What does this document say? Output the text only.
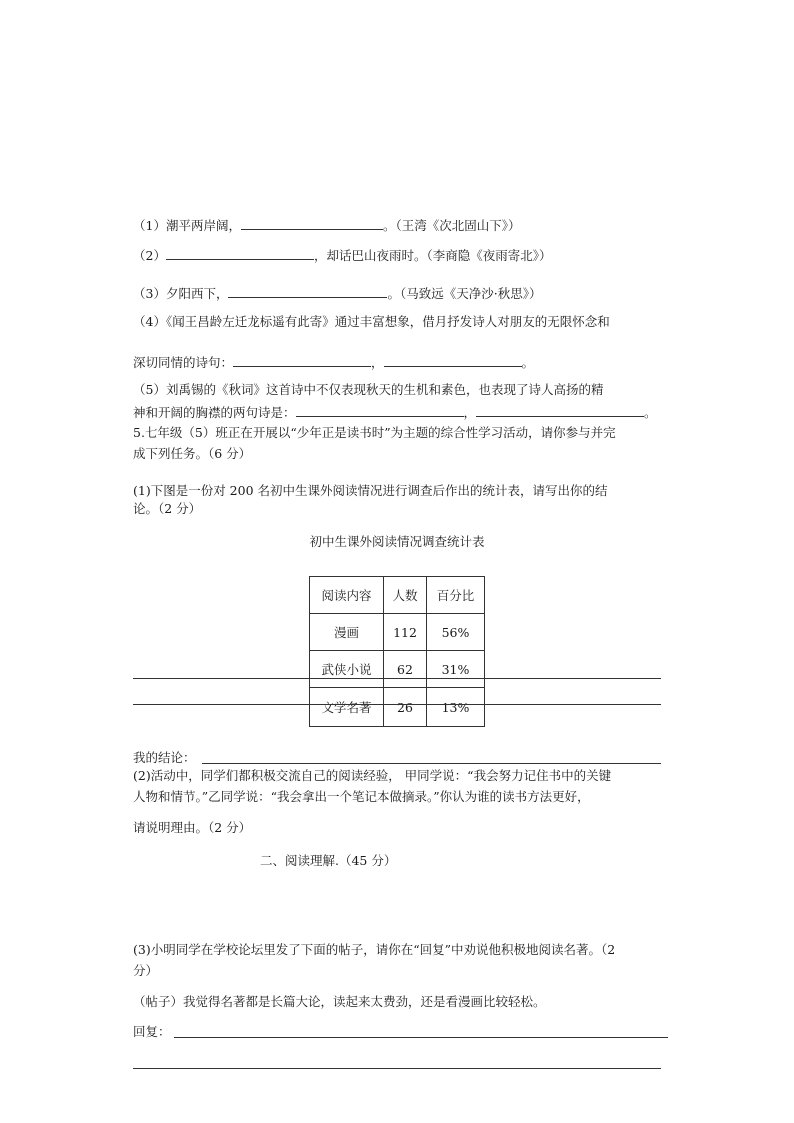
（1）潮平两岸阔，	。（王湾《次北固山下》）
（2）	，却话巴山夜雨时。（李商隐《夜雨寄北》）
（3）夕阳西下，	。（马致远《天净沙·秋思》）
（4）《闻王昌龄左迁龙标遥有此寄》通过丰富想象，借月抒发诗人对朋友的无限怀念和
深切同情的诗句：	，	。
（5）刘禹锡的《秋词》这首诗中不仅表现秋天的生机和素色，也表现了诗人高扬的精
神和开阔的胸襟的两句诗是：	，	。
5.七年级（5）班正在开展以“少年正是读书时”为主题的综合性学习活动，请你参与并完
成下列任务。（6 分）
(1)下图是一份对 200 名初中生课外阅读情况进行调查后作出的统计表，请写出你的结
论。（2 分）
初中生课外阅读情况调查统计表
阅读内容	人数	百分比
漫画	112	56%
武侠小说	62	31%
文学名著	26	13%
我的结论：
(2)活动中，同学们都积极交流自己的阅读经验， 甲同学说：“我会努力记住书中的关键
人物和情节。”乙同学说：“我会拿出一个笔记本做摘录。”你认为谁的读书方法更好，
请说明理由。（2 分）
二、阅读理解.（45 分）
(3)小明同学在学校论坛里发了下面的帖子，请你在“回复”中劝说他积极地阅读名著。（2
分）
（帖子）我觉得名著都是长篇大论，读起来太费劲，还是看漫画比较轻松。
回复：
